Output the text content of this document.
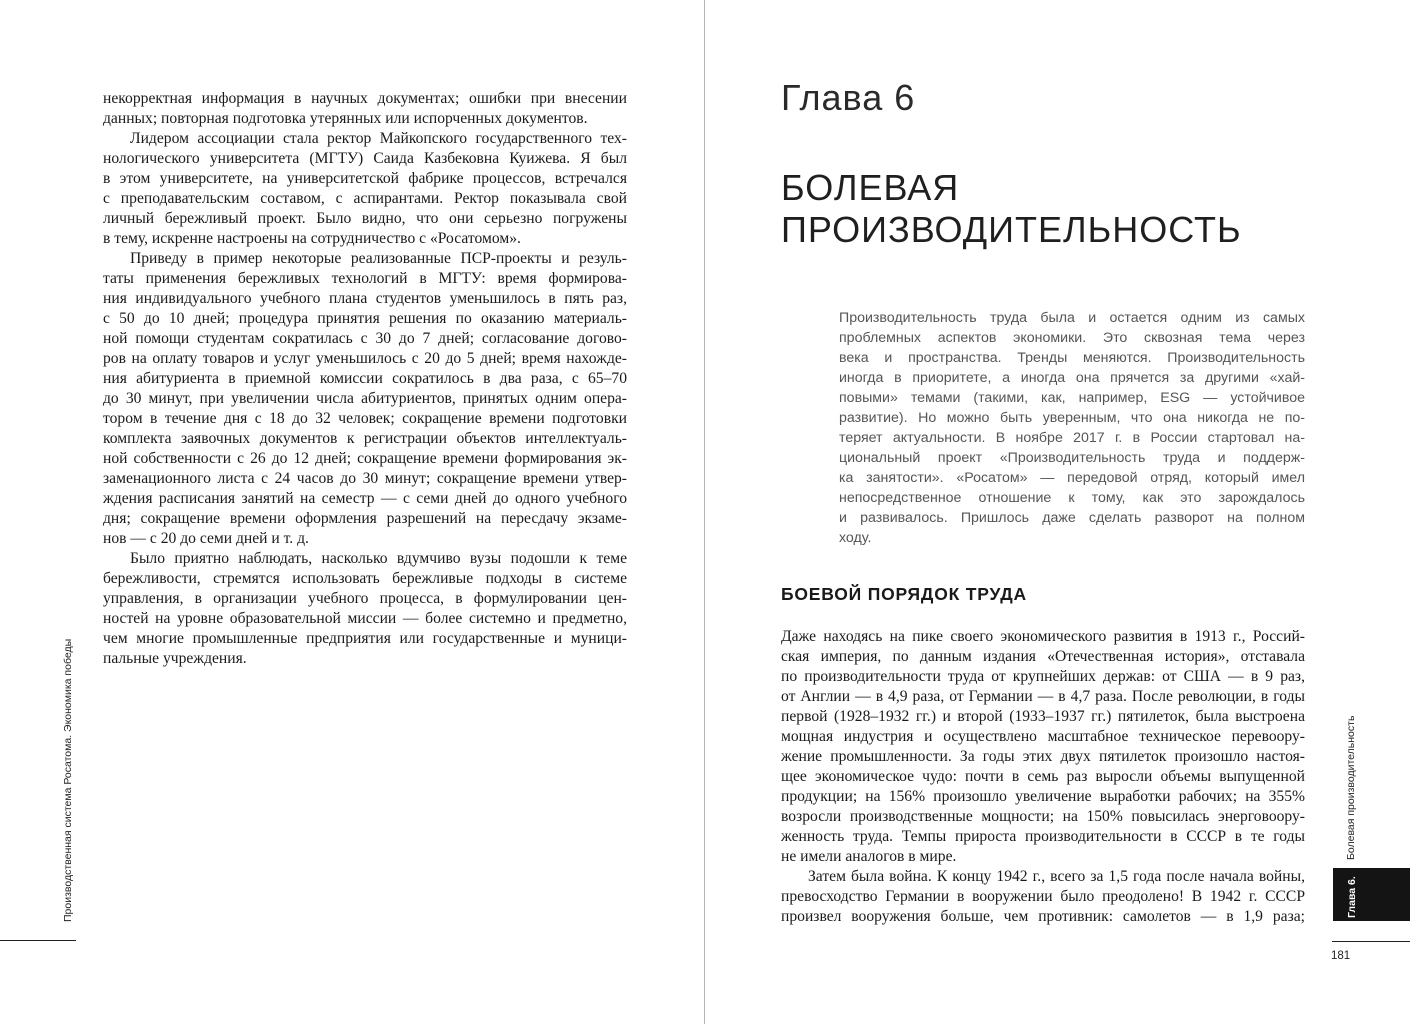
некорректная информация в научных документах; ошибки при внесении
данных; повторная подготовка утерянных или испорченных документов.
Лидером ассоциации стала ректор Майкопского государственного тех-
нологического университета (МГТУ) Саида Казбековна Куижева. Я был
в этом университете, на университетской фабрике процессов, встречался
с преподавательским составом, с аспирантами. Ректор показывала свой
личный бережливый проект. Было видно, что они серьезно погружены
в тему, искренне настроены на сотрудничество с «Росатомом».
Приведу в пример некоторые реализованные ПСР-проекты и резуль-
таты применения бережливых технологий в МГТУ: время формирова-
ния индивидуального учебного плана студентов уменьшилось в пять раз,
с 50 до 10 дней; процедура принятия решения по оказанию материаль-
ной помощи студентам сократилась с 30 до 7 дней; согласование догово-
ров на оплату товаров и услуг уменьшилось с 20 до 5 дней; время нахожде-
ния абитуриента в приемной комиссии сократилось в два раза, с 65–70
до 30 минут, при увеличении числа абитуриентов, принятых одним опера-
тором в течение дня с 18 до 32 человек; сокращение времени подготовки
комплекта заявочных документов к регистрации объектов интеллектуаль-
ной собственности с 26 до 12 дней; сокращение времени формирования эк-
заменационного листа с 24 часов до 30 минут; сокращение времени утвер-
ждения расписания занятий на семестр — с семи дней до одного учебного
дня; сокращение времени оформления разрешений на пересдачу экзаме-
нов — с 20 до семи дней и т. д.
Было приятно наблюдать, насколько вдумчиво вузы подошли к теме
бережливости, стремятся использовать бережливые подходы в системе
управления, в организации учебного процесса, в формулировании цен-
ностей на уровне образовательной миссии — более системно и предметно,
чем многие промышленные предприятия или государственные и муници-
пальные учреждения.
Производственная система Росатома. Экономика победы
Глава 6
БОЛЕВАЯ
ПРОИЗВОДИТЕЛЬНОСТЬ
Производительность труда была и остается одним из самых
проблемных аспектов экономики. Это сквозная тема через
века и пространства. Тренды меняются. Производительность
иногда в приоритете, а иногда она прячется за другими «хай-
повыми» темами (такими, как, например, ESG — устойчивое
развитие). Но можно быть уверенным, что она никогда не по-
теряет актуальности. В ноябре 2017 г. в России стартовал на-
циональный проект «Производительность труда и поддерж-
ка занятости». «Росатом» — передовой отряд, который имел
непосредственное отношение к тому, как это зарождалось
и развивалось. Пришлось даже сделать разворот на полном
ходу.
БОЕВОЙ ПОРЯДОК ТРУДА
Даже находясь на пике своего экономического развития в 1913 г., Россий-
ская империя, по данным издания «Отечественная история», отставала
по производительности труда от крупнейших держав: от США — в 9 раз,
от Англии — в 4,9 раза, от Германии — в 4,7 раза. После революции, в годы
первой (1928–1932 гг.) и второй (1933–1937 гг.) пятилеток, была выстроена
мощная индустрия и осуществлено масштабное техническое перевоору-
жение промышленности. За годы этих двух пятилеток произошло настоя-
щее экономическое чудо: почти в семь раз выросли объемы выпущенной
продукции; на 156% произошло увеличение выработки рабочих; на 355%
возросли производственные мощности; на 150% повысилась энерговоору-
женность труда. Темпы прироста производительности в СССР в те годы
не имели аналогов в мире.
Затем была война. К концу 1942 г., всего за 1,5 года после начала войны,
превосходство Германии в вооружении было преодолено! В 1942 г. СССР
произвел вооружения больше, чем противник: самолетов — в 1,9 раза;
Болевая производительность
Глава 6.
181
